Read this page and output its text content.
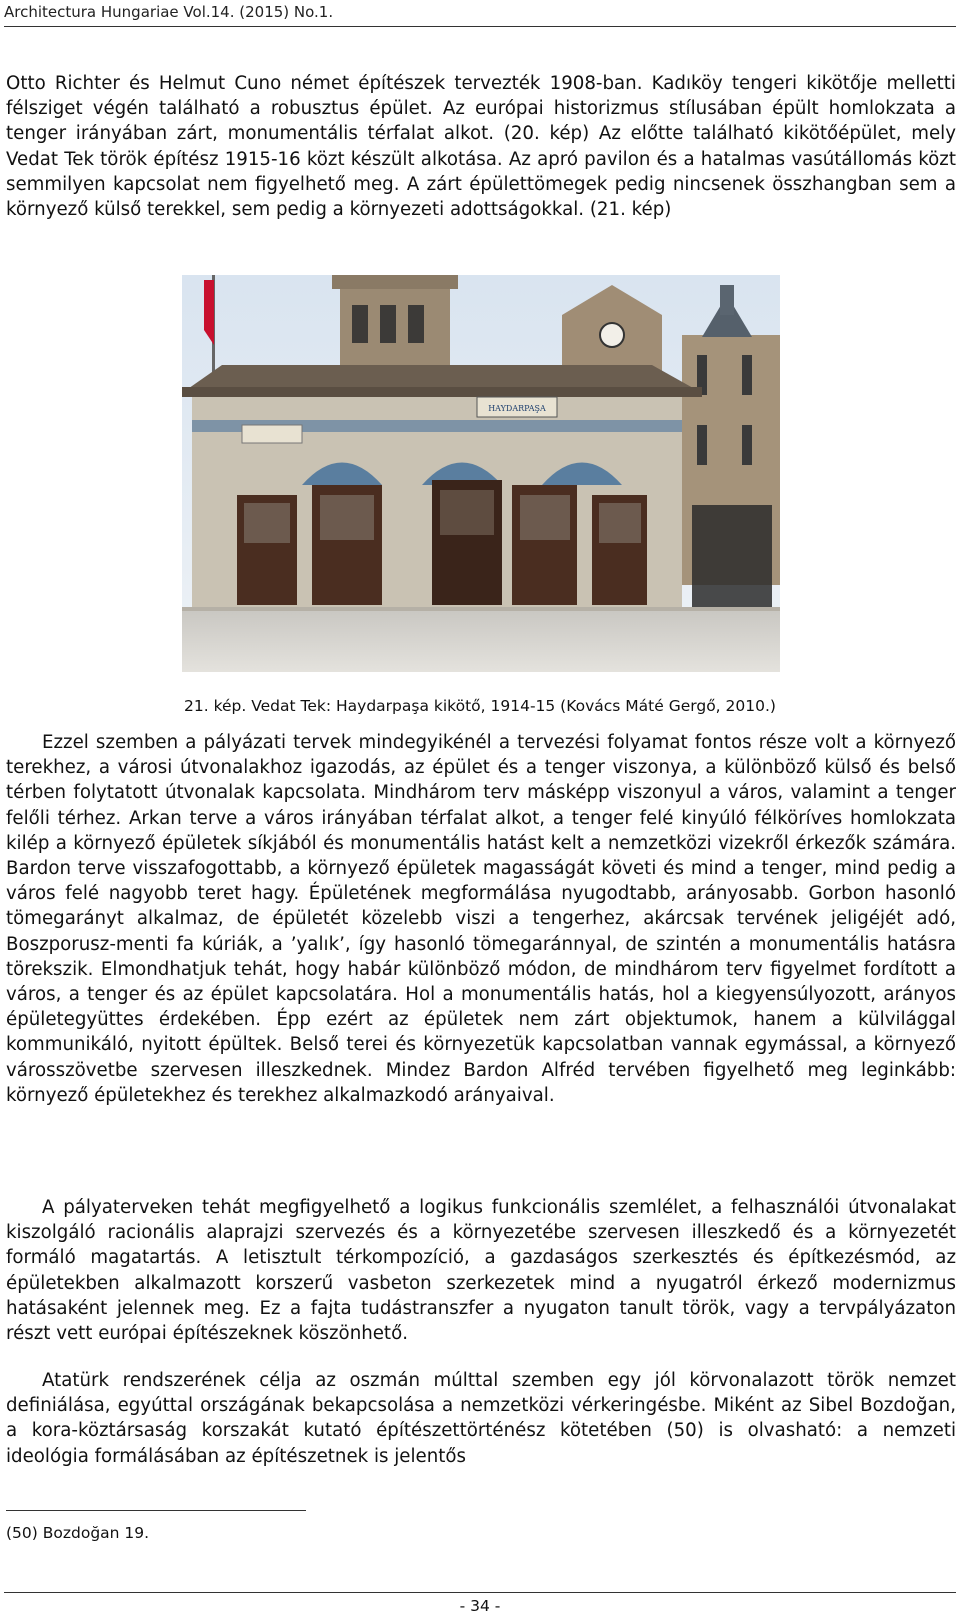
Architectura Hungariae Vol.14. (2015) No.1.

Otto Richter és Helmut Cuno német építészek tervezték 1908-ban. Kadıköy tengeri kikötője melletti félsziget végén található a robusztus épület. Az európai historizmus stílusában épült homlokzata a tenger irányában zárt, monumentális térfalat alkot. (20. kép) Az előtte található kikötőépület, mely Vedat Tek török építész 1915-16 közt készült alkotása. Az apró pavilon és a hatalmas vasútállomás közt semmilyen kapcsolat nem figyelhető meg. A zárt épülettömegek pedig nincsenek összhangban sem a környező külső terekkel, sem pedig a környezeti adottságokkal. (21. kép)

HAYDARPAŞA
21. kép. Vedat Tek: Haydarpaşa kikötő, 1914-15 (Kovács Máté Gergő, 2010.)

Ezzel szemben a pályázati tervek mindegyikénél a tervezési folyamat fontos része volt a környező terekhez, a városi útvonalakhoz igazodás, az épület és a tenger viszonya, a különböző külső és belső térben folytatott útvonalak kapcsolata. Mindhárom terv másképp viszonyul a város, valamint a tenger felőli térhez. Arkan terve a város irányában térfalat alkot, a tenger felé kinyúló félköríves homlokzata kilép a környező épületek síkjából és monumentális hatást kelt a nemzetközi vizekről érkezők számára. Bardon terve visszafogottabb, a környező épületek magasságát követi és mind a tenger, mind pedig a város felé nagyobb teret hagy. Épületének megformálása nyugodtabb, arányosabb. Gorbon hasonló tömegarányt alkalmaz, de épületét közelebb viszi a tengerhez, akárcsak tervének jeligéjét adó, Boszporusz-menti fa kúriák, a ’yalık’, így hasonló tömegaránnyal, de szintén a monumentális hatásra törekszik. Elmondhatjuk tehát, hogy habár különböző módon, de mindhárom terv figyelmet fordított a város, a tenger és az épület kapcsolatára. Hol a monumentális hatás, hol a kiegyensúlyozott, arányos épületegyüttes érdekében. Épp ezért az épületek nem zárt objektumok, hanem a külvilággal kommunikáló, nyitott épültek. Belső terei és környezetük kapcsolatban vannak egymással, a környező városszövetbe szervesen illeszkednek. Mindez Bardon Alfréd tervében figyelhető meg leginkább: környező épületekhez és terekhez alkalmazkodó arányaival.

A pályaterveken tehát megfigyelhető a logikus funkcionális szemlélet, a felhasználói útvonalakat kiszolgáló racionális alaprajzi szervezés és a környezetébe szervesen illeszkedő és a környezetét formáló magatartás. A letisztult térkompozíció, a gazdaságos szerkesztés és építkezésmód, az épületekben alkalmazott korszerű vasbeton szerkezetek mind a nyugatról érkező modernizmus hatásaként jelennek meg. Ez a fajta tudástranszfer a nyugaton tanult török, vagy a tervpályázaton részt vett európai építészeknek köszönhető.

Atatürk rendszerének célja az oszmán múlttal szemben egy jól körvonalazott török nemzet definiálása, egyúttal országának bekapcsolása a nemzetközi vérkeringésbe. Miként az Sibel Bozdoğan, a kora-köztársaság korszakát kutató építészettörténész kötetében (50) is olvasható: a nemzeti ideológia formálásában az építészetnek is jelentős

(50) Bozdoğan 19.
- 34 -
